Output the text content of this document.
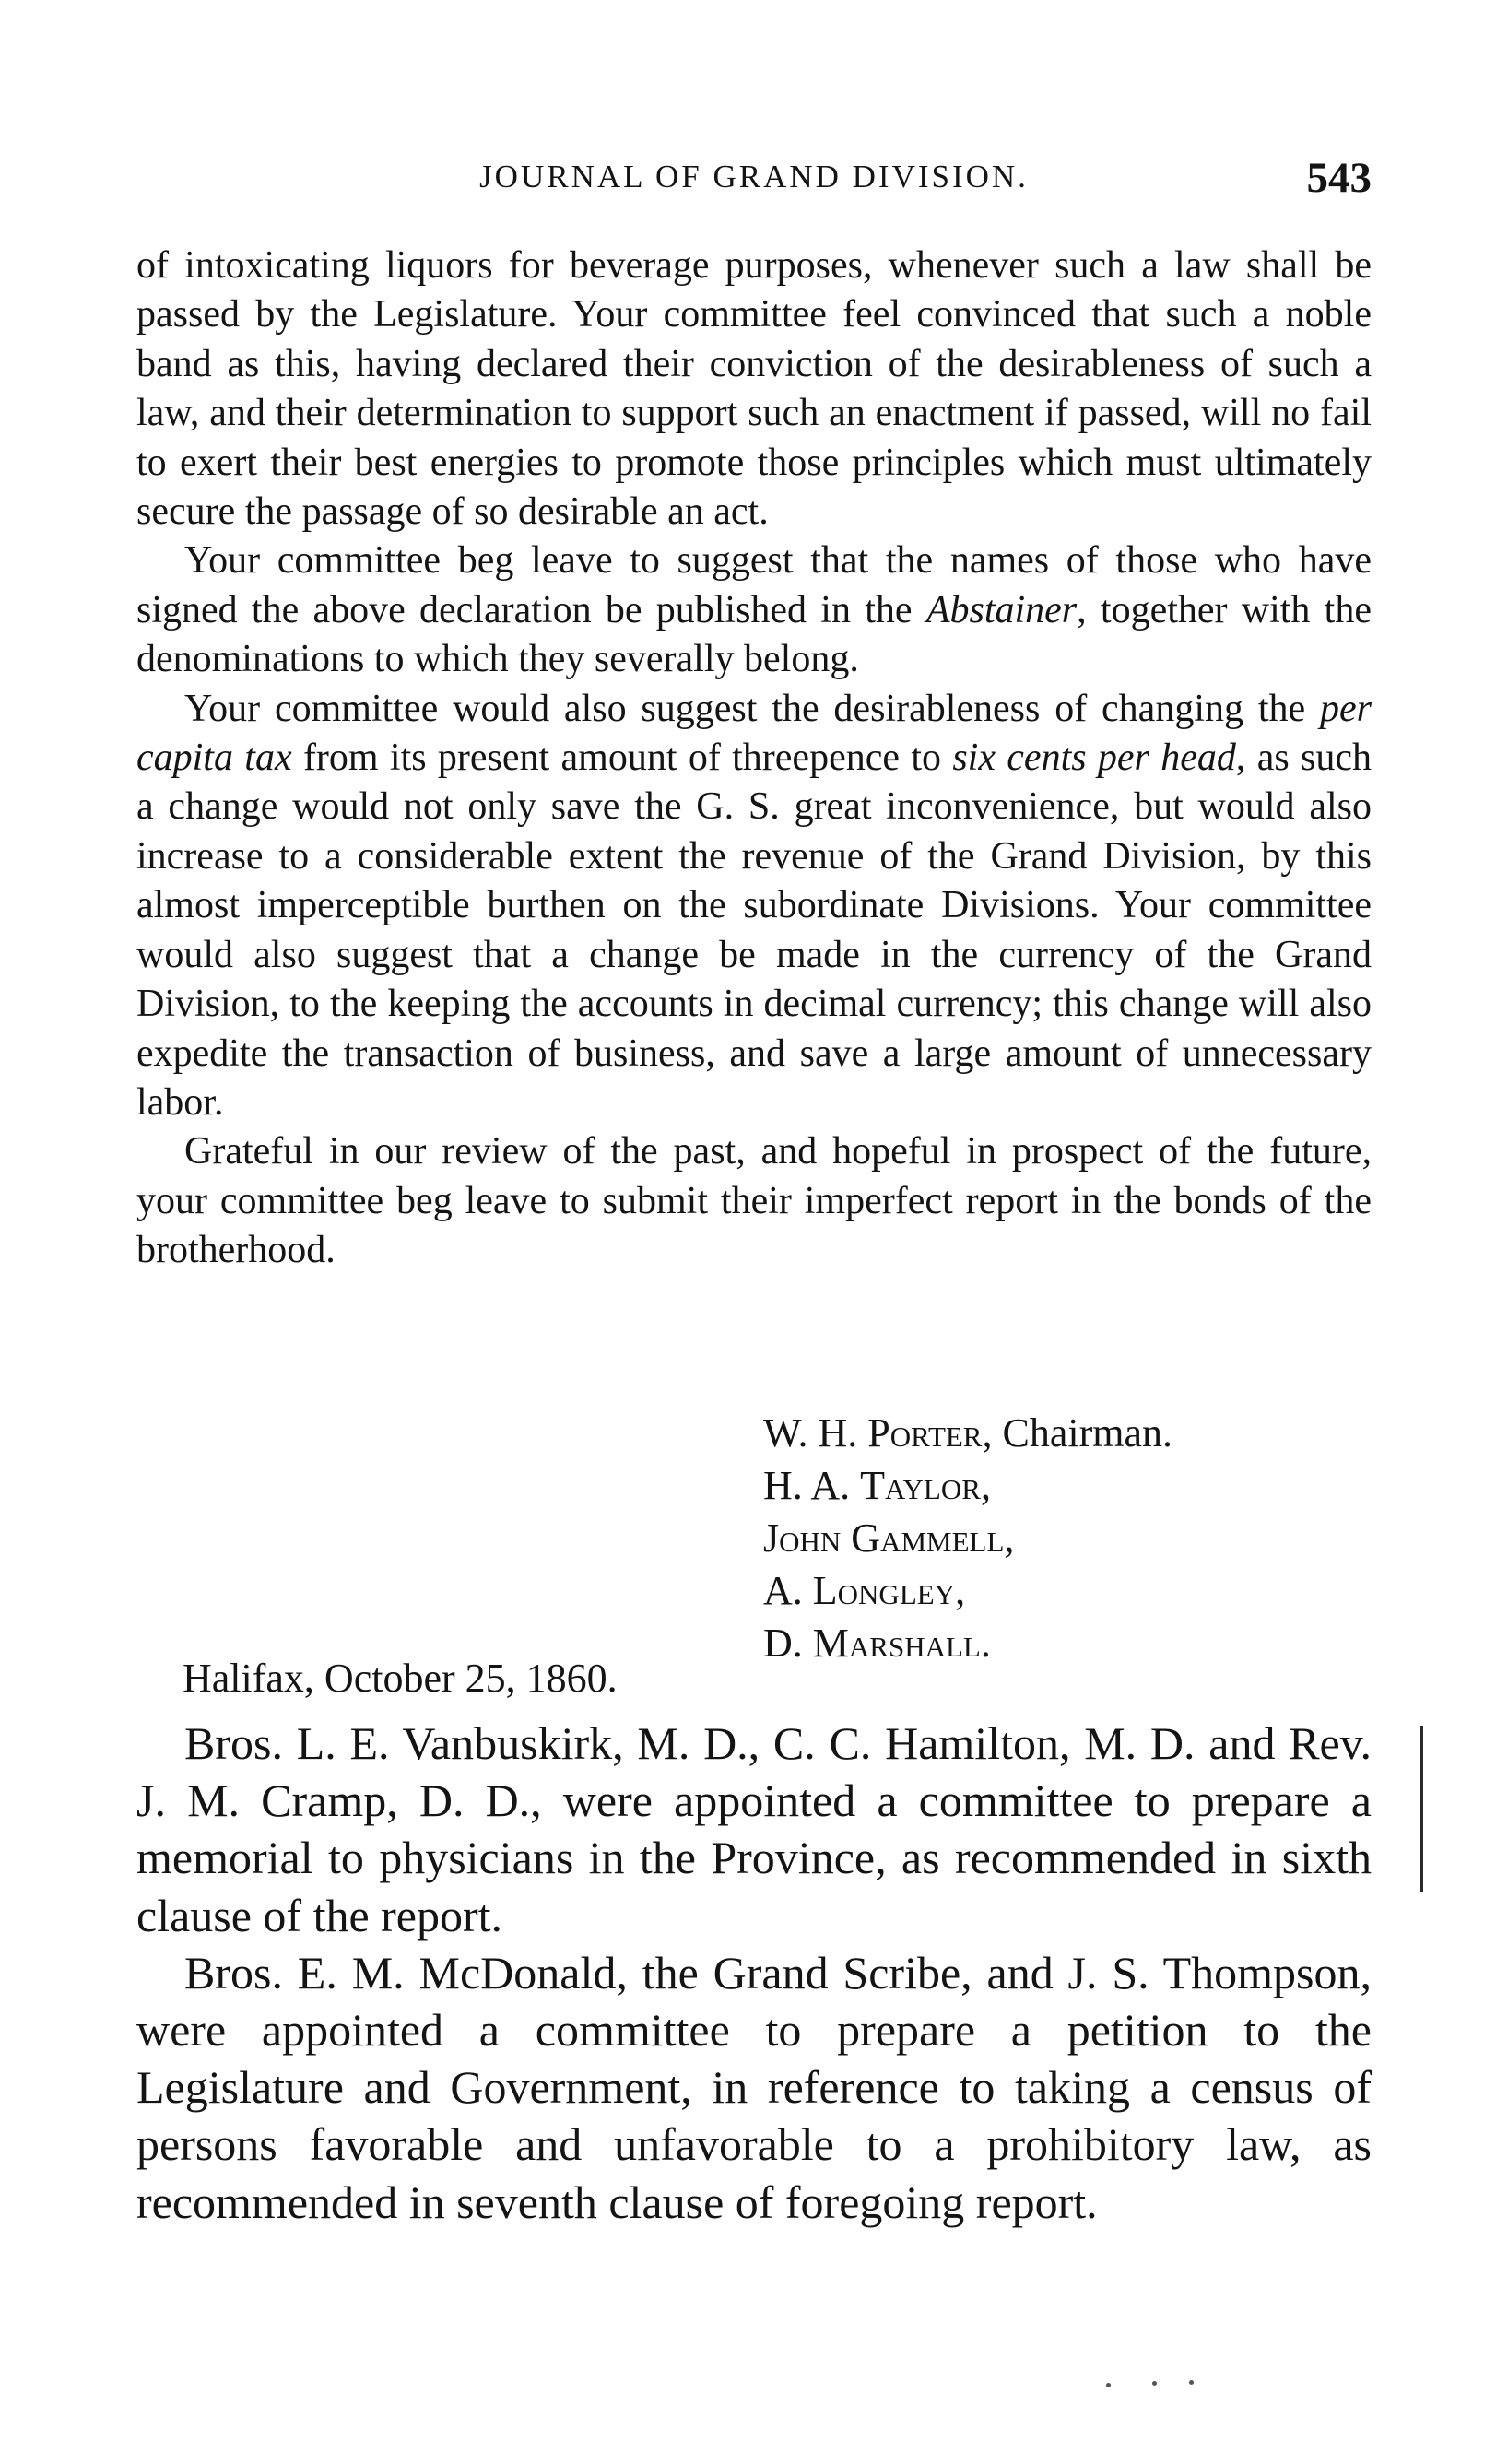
JOURNAL OF GRAND DIVISION.	543

of intoxicating liquors for beverage purposes, whenever such a law shall be passed by the Legislature. Your committee feel convinced that such a noble band as this, having declared their conviction of the desirableness of such a law, and their determination to support such an enactment if passed, will no fail to exert their best energies to promote those principles which must ultimately secure the passage of so desirable an act.

Your committee beg leave to suggest that the names of those who have signed the above declaration be published in the Abstainer, together with the denominations to which they severally belong.

Your committee would also suggest the desirableness of changing the per capita tax from its present amount of threepence to six cents per head, as such a change would not only save the G. S. great inconvenience, but would also increase to a considerable extent the revenue of the Grand Division, by this almost imperceptible burthen on the subordinate Divisions. Your committee would also suggest that a change be made in the currency of the Grand Division, to the keeping the accounts in decimal currency; this change will also expedite the transaction of business, and save a large amount of unnecessary labor.

Grateful in our review of the past, and hopeful in prospect of the future, your committee beg leave to submit their imperfect report in the bonds of the brotherhood.

W. H. Porter, Chairman.
H. A. Taylor,
John Gammell,
A. Longley,
D. Marshall.
Halifax, October 25, 1860.

Bros. L. E. Vanbuskirk, M. D., C. C. Hamilton, M. D. and Rev. J. M. Cramp, D. D., were appointed a committee to prepare a memorial to physicians in the Province, as recommended in sixth clause of the report.

Bros. E. M. McDonald, the Grand Scribe, and J. S. Thompson, were appointed a committee to prepare a petition to the Legislature and Government, in reference to taking a census of persons favorable and unfavorable to a prohibitory law, as recommended in seventh clause of foregoing report.
